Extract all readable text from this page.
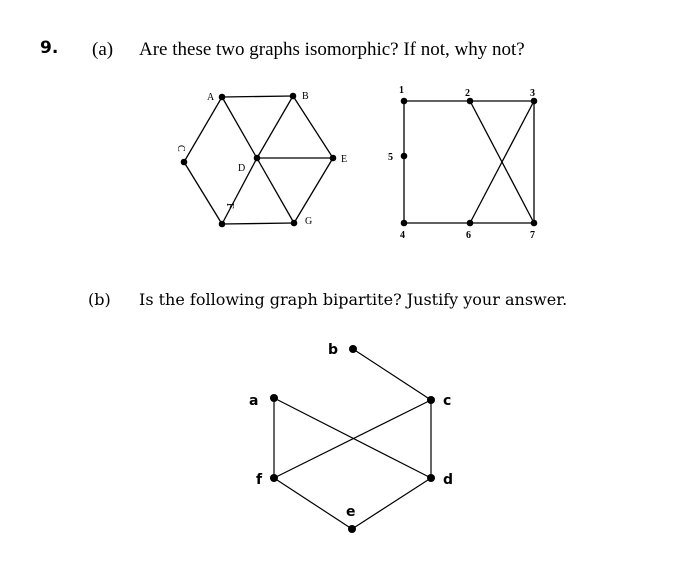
9. (a) Are these two graphs isomorphic? If not, why not?
(b) Is the following graph bipartite? Justify your answer.
A	B
D
E
G
C
F
1	2	3
5
4	6	7
b
a	c
f	d
e
